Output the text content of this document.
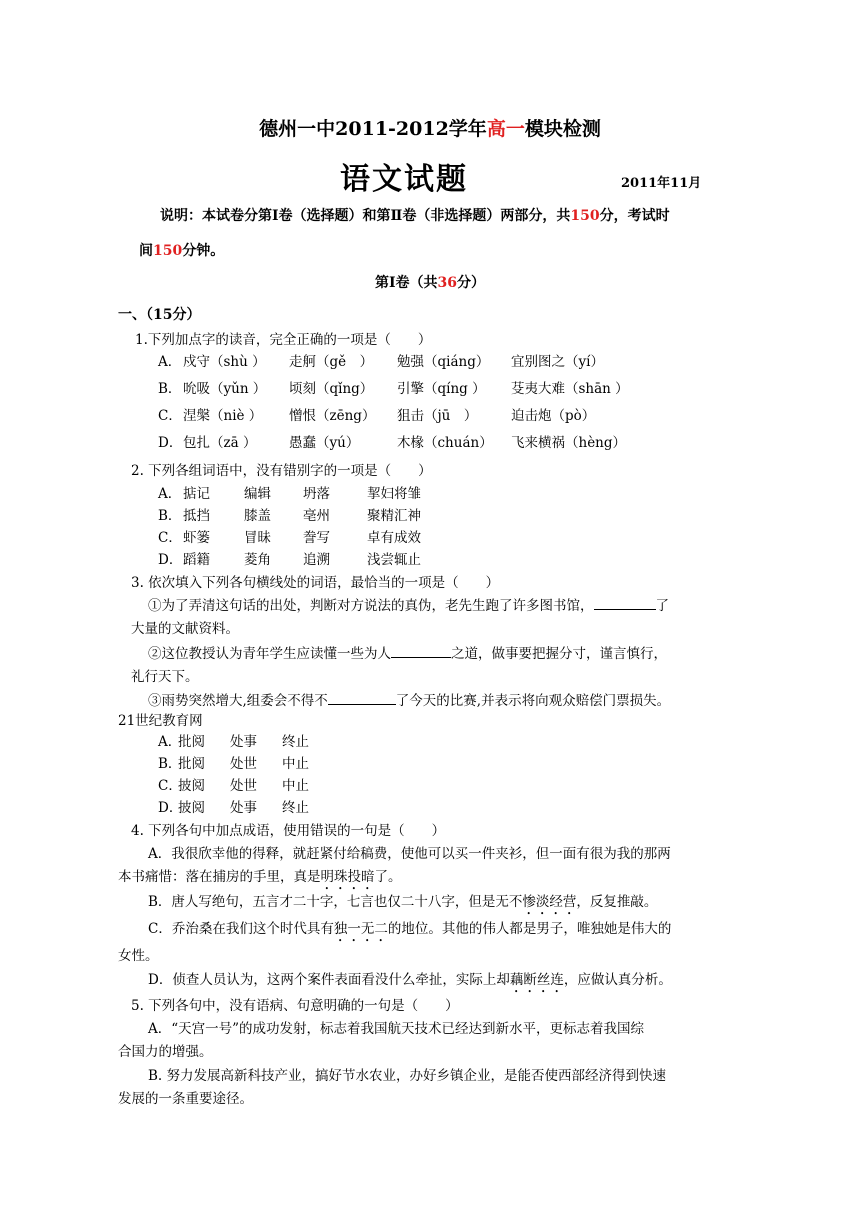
德州一中2011-2012学年高一模块检测
语文试题	2011年11月
说明：本试卷分第Ⅰ卷（选择题）和第Ⅱ卷（非选择题）两部分，共150分，考试时
间150分钟。
第Ⅰ卷（共36分）
一、（15分）
1.下列加点字的读音，完全正确的一项是（　　）
A． 戍守（shù ） 走舸（gě　） 勉强（qiáng） 宜别图之（yí）
B． 吮吸（yǔn ） 顷刻（qǐng） 引擎（qíng ） 芟夷大难（shān ）
C． 涅槃（niè ） 憎恨（zēng） 狙击（jū　） 迫击炮（pò）
D． 包扎（zā ） 愚蠢（yú）	木椽（chuán） 飞来横祸（hèng）
2. 下列各组词语中，没有错别字的一项是（　　）
A． 掂记	编辑 坍落	挈妇将雏
B． 抵挡	膝盖 亳州	聚精汇神
C． 虾篓	冒昧 誊写	卓有成效
D． 蹈籍	菱角 追溯	浅尝辄止
3. 依次填入下列各句横线处的词语，最恰当的一项是（　　）
①为了弄清这句话的出处，判断对方说法的真伪，老先生跑了许多图书馆，	了
大量的文献资料。
②这位教授认为青年学生应读懂一些为人	之道，做事要把握分寸，谨言慎行，
礼行天下。
③雨势突然增大,组委会不得不	了今天的比赛,并表示将向观众赔偿门票损失。
21世纪教育网
A．
批阅 处事 终止
B．
批阅 处世 中止
C．
披阅 处世 中止
D．
披阅 处事 终止
4. 下列各句中加点成语，使用错误的一句是（　　）
A．我很欣幸他的得释，就赶紧付给稿费，使他可以买一件夹衫，但一面有很为我的那两
本书痛惜：落在捕房的手里，真是明珠投暗了。
B．唐人写绝句，五言才二十字，七言也仅二十八字，但是无不惨淡经营，反复推敲。
C．乔治桑在我们这个时代具有独一无二的地位。其他的伟人都是男子，唯独她是伟大的
女性。
D．侦查人员认为，这两个案件表面看没什么牵扯，实际上却藕断丝连，应做认真分析。
5. 下列各句中，没有语病、句意明确的一句是（　　）
A．“天宫一号”的成功发射，标志着我国航天技术已经达到新水平，更标志着我国综
合国力的增强。
B. 努力发展高新科技产业，搞好节水农业，办好乡镇企业，是能否使西部经济得到快速
发展的一条重要途径。
